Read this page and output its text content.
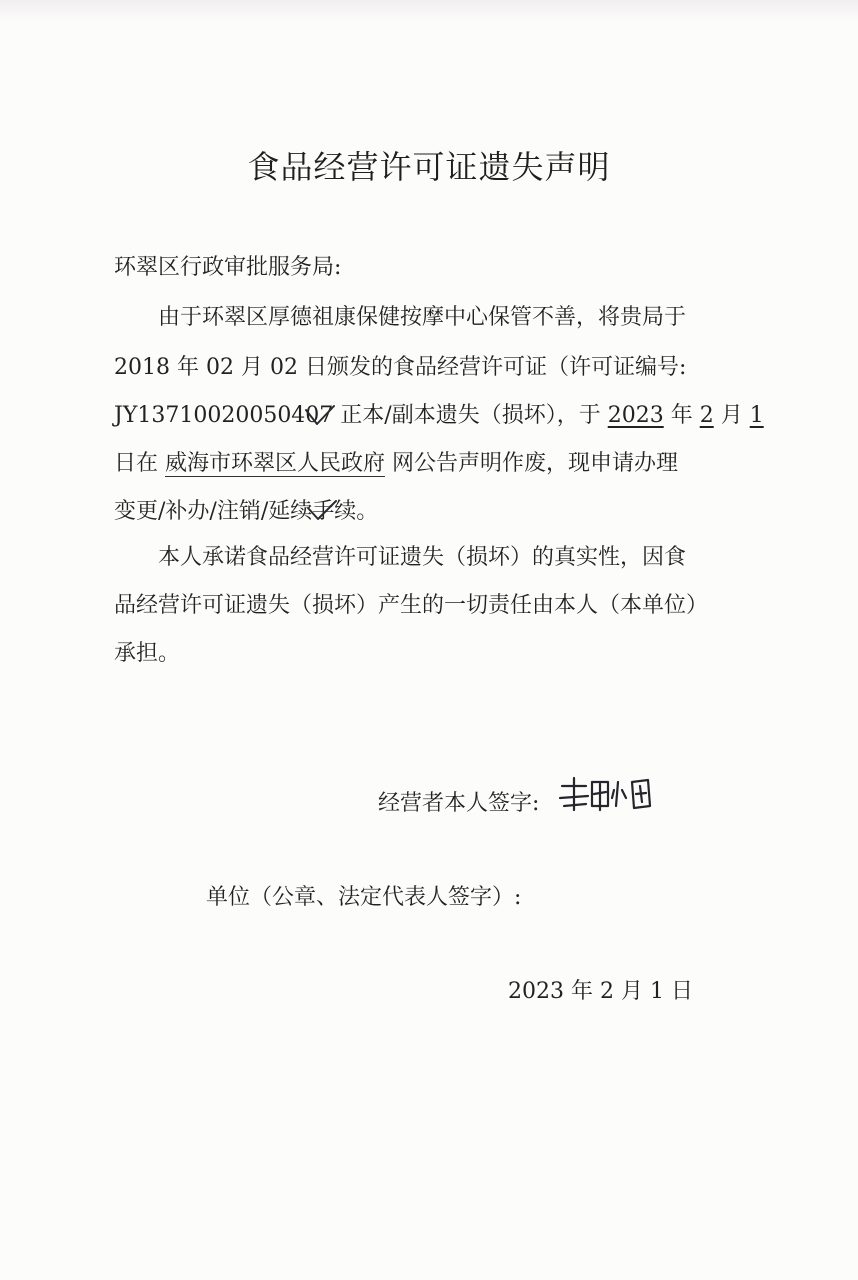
食品经营许可证遗失声明
环翠区行政审批服务局:
由于环翠区厚德祖康保健按摩中心保管不善，将贵局于
2018 年 02 月 02 日颁发的食品经营许可证（许可证编号:
JY13710020050407 正本/副本遗失（损坏），于 2023 年 2 月 1
日在 威海市环翠区人民政府 网公告声明作废，现申请办理
变更/补办/注销/延续手续。
本人承诺食品经营许可证遗失（损坏）的真实性，因食
品经营许可证遗失（损坏）产生的一切责任由本人（本单位）
承担。
经营者本人签字:
单位（公章、法定代表人签字）:
2023 年 2 月 1 日
